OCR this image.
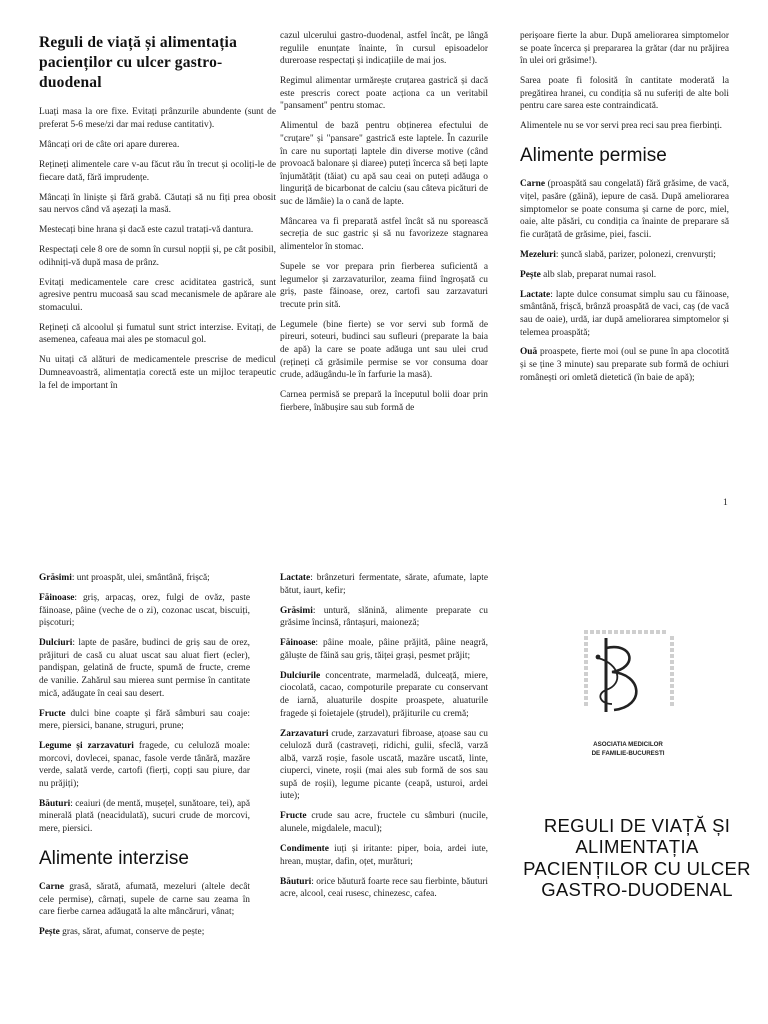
Reguli de viață și alimentația pacienților cu ulcer gastro-duodenal

Luați masa la ore fixe. Evitați prânzurile abundente (sunt de preferat 5-6 mese/zi dar mai reduse cantitativ).

Mâncați ori de câte ori apare durerea.

Rețineți alimentele care v-au făcut rău în trecut și ocoliți-le de fiecare dată, fără imprudențe.

Mâncați în liniște și fără grabă. Căutați să nu fiți prea obosit sau nervos când vă așezați la masă.

Mestecați bine hrana și dacă este cazul tratați-vă dantura.

Respectați cele 8 ore de somn în cursul nopții și, pe cât posibil, odihniți-vă după masa de prânz.

Evitați medicamentele care cresc aciditatea gastrică, sunt agresive pentru mucoasă sau scad mecanismele de apărare ale stomacului.

Rețineți că alcoolul și fumatul sunt strict interzise. Evitați, de asemenea, cafeaua mai ales pe stomacul gol.

Nu uitați că alături de medicamentele prescrise de medicul Dumneavoastră, alimentația corectă este un mijloc terapeutic la fel de important în

cazul ulcerului gastro-duodenal, astfel încât, pe lângă regulile enunțate înainte, în cursul episoadelor dureroase respectați și indicațiile de mai jos.

Regimul alimentar urmărește cruțarea gastrică și dacă este prescris corect poate acționa ca un veritabil "pansament" pentru stomac.

Alimentul de bază pentru obținerea efectului de "cruțare" și "pansare" gastrică este laptele. În cazurile în care nu suportați laptele din diverse motive (când provoacă balonare și diaree) puteți încerca să beți lapte înjumătățit (tăiat) cu apă sau ceai on puteți adăuga o linguriță de bicarbonat de calciu (sau câteva picături de suc de lămâie) la o cană de lapte.

Mâncarea va fi preparată astfel încât să nu sporească secreția de suc gastric și să nu favorizeze stagnarea alimentelor în stomac.

Supele se vor prepara prin fierberea suficientă a legumelor și zarzavaturilor, zeama fiind îngroșată cu griș, paste făinoase, orez, cartofi sau zarzavaturi trecute prin sită.

Legumele (bine fierte) se vor servi sub formă de pireuri, soteuri, budinci sau sufleuri (preparate la baia de apă) la care se poate adăuga unt sau ulei crud (rețineți că grăsimile permise se vor consuma doar crude, adăugându-le în farfurie la masă).

Carnea permisă se prepară la începutul bolii doar prin fierbere, înăbușire sau sub formă de

perișoare fierte la abur. După ameliorarea simptomelor se poate încerca și prepararea la grătar (dar nu prăjirea în ulei ori grăsime!).

Sarea poate fi folosită în cantitate moderată la pregătirea hranei, cu condiția să nu suferiți de alte boli pentru care sarea este contraindicată.

Alimentele nu se vor servi prea reci sau prea fierbinți.

Alimente permise

Carne (proaspătă sau congelată) fără grăsime, de vacă, vițel, pasăre (găină), iepure de casă. După ameliorarea simptomelor se poate consuma și carne de porc, miel, oaie, alte păsări, cu condiția ca înainte de preparare să fie curățată de grăsime, piei, fascii.

Mezeluri: șuncă slabă, parizer, polonezi, crenvurști;

Pește alb slab, preparat numai rasol.

Lactate: lapte dulce consumat simplu sau cu făinoase, smântână, frișcă, brânză proaspătă de vaci, caș (de vacă sau de oaie), urdă, iar după ameliorarea simptomelor și telemea proaspătă;

Ouă proaspete, fierte moi (oul se pune în apa clocotită și se ține 3 minute) sau preparate sub formă de ochiuri românești ori omletă dietetică (în baie de apă);

1

Grăsimi: unt proaspăt, ulei, smântână, frișcă;

Făinoase: griș, arpacaș, orez, fulgi de ovăz, paste făinoase, pâine (veche de o zi), cozonac uscat, biscuiți, pișcoturi;

Dulciuri: lapte de pasăre, budinci de griș sau de orez, prăjituri de casă cu aluat uscat sau aluat fiert (ecler), pandișpan, gelatină de fructe, spumă de fructe, creme de vanilie. Zahărul sau mierea sunt permise în cantitate mică, adăugate în ceai sau desert.

Fructe dulci bine coapte și fără sâmburi sau coaje: mere, piersici, banane, struguri, prune;

Legume și zarzavaturi fragede, cu celuloză moale: morcovi, dovlecei, spanac, fasole verde tânără, mazăre verde, salată verde, cartofi (fierți, copți sau piure, dar nu prăjiți);

Băuturi: ceaiuri (de mentă, mușețel, sunătoare, tei), apă minerală plată (neacidulată), sucuri crude de morcovi, mere, piersici.

Alimente interzise

Carne grasă, sărată, afumată, mezeluri (altele decât cele permise), cârnați, supele de carne sau zeama în care fierbe carnea adăugată la alte mâncăruri, vânat;

Pește gras, sărat, afumat, conserve de pește;

Lactate: brânzeturi fermentate, sărate, afumate, lapte bătut, iaurt, kefir;

Grăsimi: untură, slănină, alimente preparate cu grăsime încinsă, rântașuri, maioneză;

Făinoase: pâine moale, pâine prăjită, pâine neagră, găluște de făină sau griș, tăiței grași, pesmet prăjit;

Dulciurile concentrate, marmeladă, dulceață, miere, ciocolată, cacao, compoturile preparate cu conservant de iarnă, aluaturile dospite proaspete, aluaturile fragede și foietajele (ștrudel), prăjiturile cu cremă;

Zarzavaturi crude, zarzavaturi fibroase, ațoase sau cu celuloză dură (castraveți, ridichi, gulii, sfeclă, varză albă, varză roșie, fasole uscată, mazăre uscată, linte, ciuperci, vinete, roșii (mai ales sub formă de sos sau supă de roșii), legume picante (ceapă, usturoi, ardei iute);

Fructe crude sau acre, fructele cu sâmburi (nucile, alunele, migdalele, macul);

Condimente iuți și iritante: piper, boia, ardei iute, hrean, muștar, dafin, oțet, murături;

Băuturi: orice băutură foarte rece sau fierbinte, băuturi acre, alcool, ceai rusesc, chinezesc, cafea.

ASOCIATIA MEDICILOR
DE FAMILIE-BUCURESTI
REGULI DE VIAȚĂ ȘI ALIMENTAȚIA PACIENȚILOR CU ULCER GASTRO-DUODENAL
